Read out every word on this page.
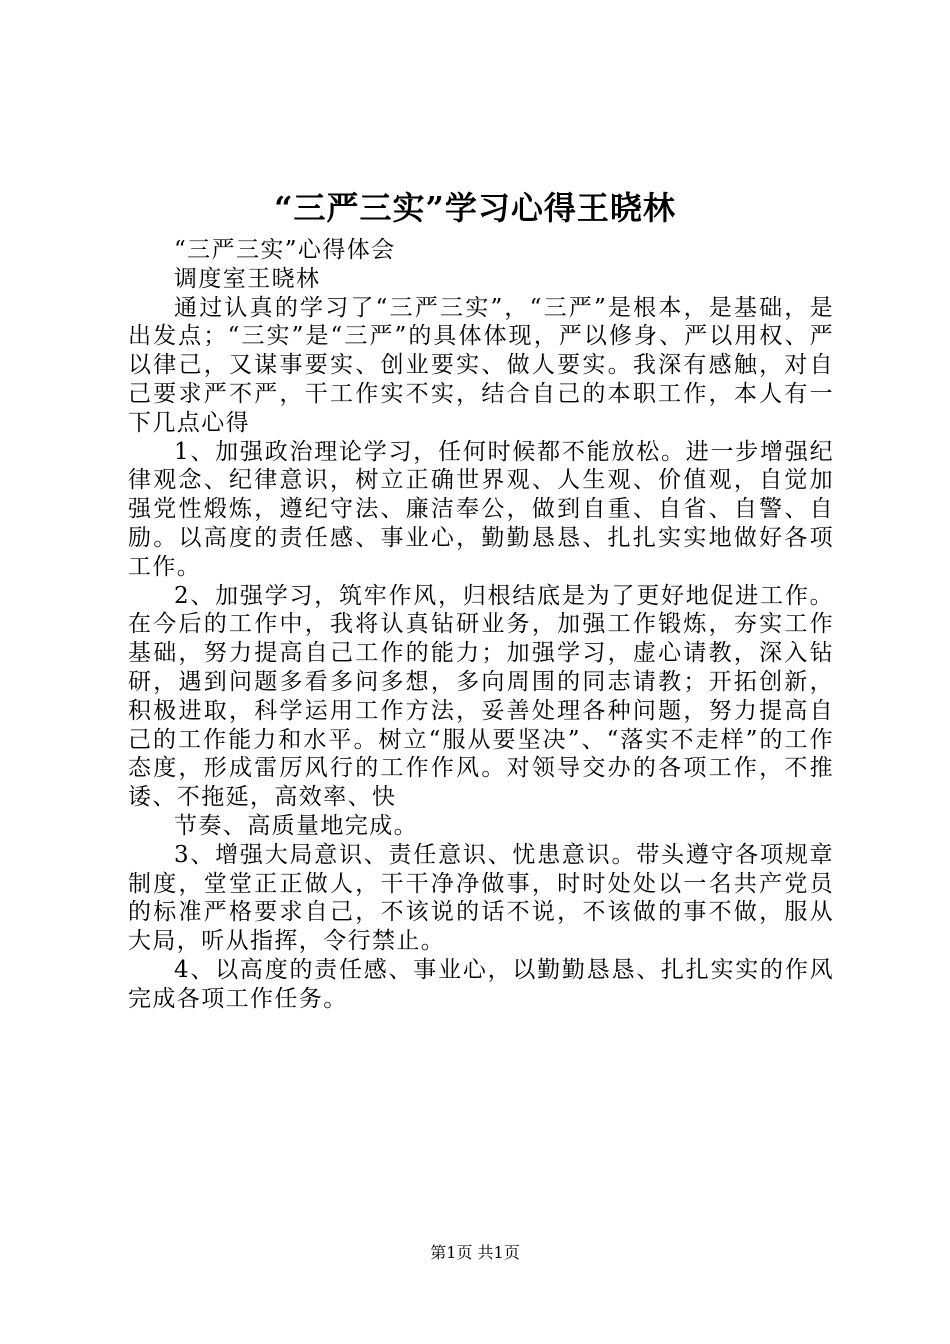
“三严三实”学习心得王晓林

“三严三实”心得体会

调度室王晓林

通过认真的学习了“三严三实”，“三严”是根本，是基础，是出发点；“三实”是“三严”的具体体现，严以修身、严以用权、严以律己，又谋事要实、创业要实、做人要实。我深有感触，对自己要求严不严，干工作实不实，结合自己的本职工作，本人有一下几点心得

1、加强政治理论学习，任何时候都不能放松。进一步增强纪律观念、纪律意识，树立正确世界观、人生观、价值观，自觉加强党性煅炼，遵纪守法、廉洁奉公，做到自重、自省、自警、自励。以高度的责任感、事业心，勤勤恳恳、扎扎实实地做好各项工作。

2、加强学习，筑牢作风，归根结底是为了更好地促进工作。在今后的工作中，我将认真钻研业务，加强工作锻炼，夯实工作基础，努力提高自己工作的能力；加强学习，虚心请教，深入钻研，遇到问题多看多问多想，多向周围的同志请教；开拓创新，积极进取，科学运用工作方法，妥善处理各种问题，努力提高自己的工作能力和水平。树立“服从要坚决”、“落实不走样”的工作态度，形成雷厉风行的工作作风。对领导交办的各项工作，不推诿、不拖延，高效率、快

节奏、高质量地完成。

3、增强大局意识、责任意识、忧患意识。带头遵守各项规章制度，堂堂正正做人，干干净净做事，时时处处以一名共产党员的标准严格要求自己，不该说的话不说，不该做的事不做，服从大局，听从指挥，令行禁止。

4、以高度的责任感、事业心，以勤勤恳恳、扎扎实实的作风完成各项工作任务。

第1页 共1页
